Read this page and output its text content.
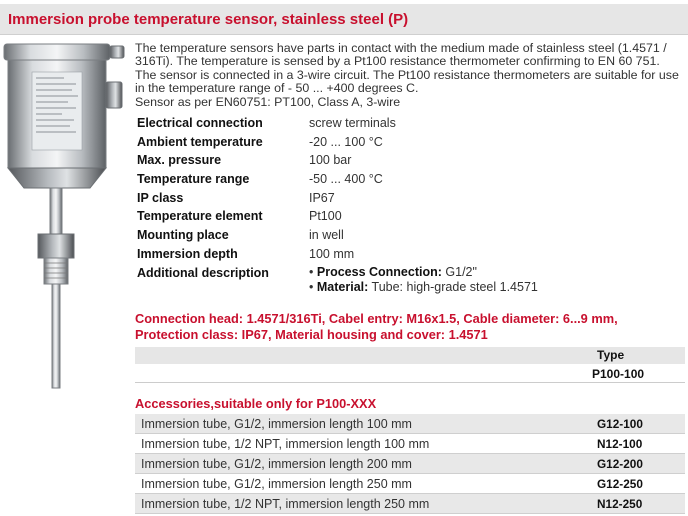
Immersion probe temperature sensor, stainless steel (P)
The temperature sensors have parts in contact with the medium made of stainless steel (1.4571 /
316Ti). The temperature is sensed by a Pt100 resistance thermometer confirming to EN 60 751.
The sensor is connected in a 3-wire circuit. The Pt100 resistance thermometers are suitable for use
in the temperature range of - 50 ... +400 degrees C.
Sensor as per EN60751: PT100, Class A, 3-wire
Electrical connection	screw terminals
Ambient temperature	-20 ... 100 °C
Max. pressure	100 bar
Temperature range	-50 ... 400 °C
IP class	IP67
Temperature element	Pt100
Mounting place	in well
Immersion depth	100 mm
Additional description	• Process Connection: G1/2"
• Material: Tube: high-grade steel 1.4571
Connection head: 1.4571/316Ti, Cabel entry: M16x1.5, Cable diameter: 6...9 mm,
Protection class: IP67, Material housing and cover: 1.4571
Type
P100-100
Accessories,suitable only for P100-XXX
Immersion tube, G1/2, immersion length 100 mm	G12-100
Immersion tube, 1/2 NPT, immersion length 100 mm	N12-100
Immersion tube, G1/2, immersion length 200 mm	G12-200
Immersion tube, G1/2, immersion length 250 mm	G12-250
Immersion tube, 1/2 NPT, immersion length 250 mm	N12-250
